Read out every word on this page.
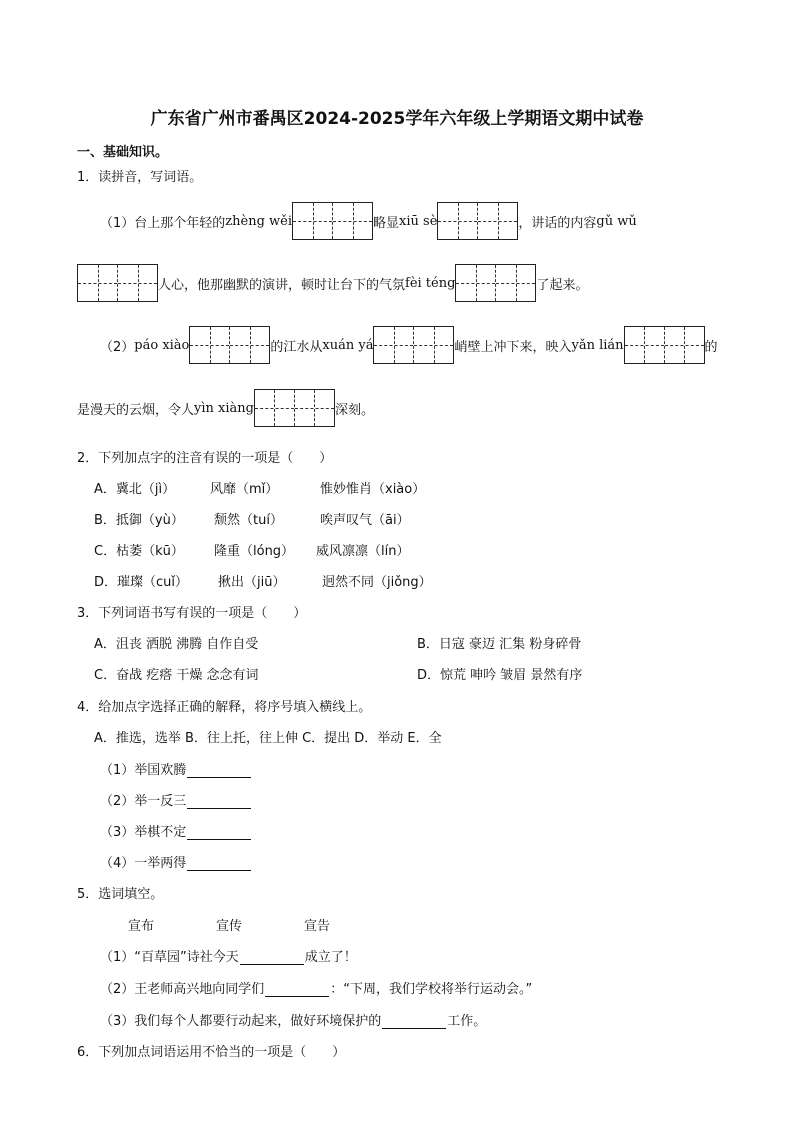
广东省广州市番禺区2024-2025学年六年级上学期语文期中试卷
一、基础知识。
1．读拼音，写词语。
（1）台上那个年轻的 zhèng wěi	略显 xiū sè	，讲话的内容 gǔ wǔ
人心，他那幽默的演讲，顿时让台下的气氛 fèi téng	了起来。
（2） páo xiào	的江水从 xuán yá	峭壁上冲下来，映入 yǎn lián	的
是漫天的云烟，令人 yìn xiàng	深刻。
2．下列加点字的注音有误的一项是（　　）
A．冀北（jì）	风靡（mǐ）	惟妙惟肖（xiào）
B．抵御（yù） 颓然（tuí）	唉声叹气（āi）
C．枯萎（kū） 隆重（lóng） 威风凛凛（lín）
D．璀璨（cuǐ） 揪出（jiū）	迥然不同（jiǒng）
3．下列词语书写有误的一项是（　　）
A．沮丧 洒脱 沸腾 自作自受	B．日寇 豪迈 汇集 粉身碎骨
C．奋战 疙瘩 干燥 念念有词	D．惊荒 呻吟 皱眉 景然有序
4．给加点字选择正确的解释，将序号填入横线上。
A．推选，选举 B．往上托，往上伸 C．提出 D．举动 E．全
（1）举国欢腾
（2）举一反三
（3）举棋不定
（4）一举两得
5．选词填空。
宣布	宣传	宣告
（1）“百草园”诗社今天	成立了！
（2）王老师高兴地向同学们	：“下周，我们学校将举行运动会。”
（3）我们每个人都要行动起来，做好环境保护的	工作。
6．下列加点词语运用不恰当的一项是（　　）
